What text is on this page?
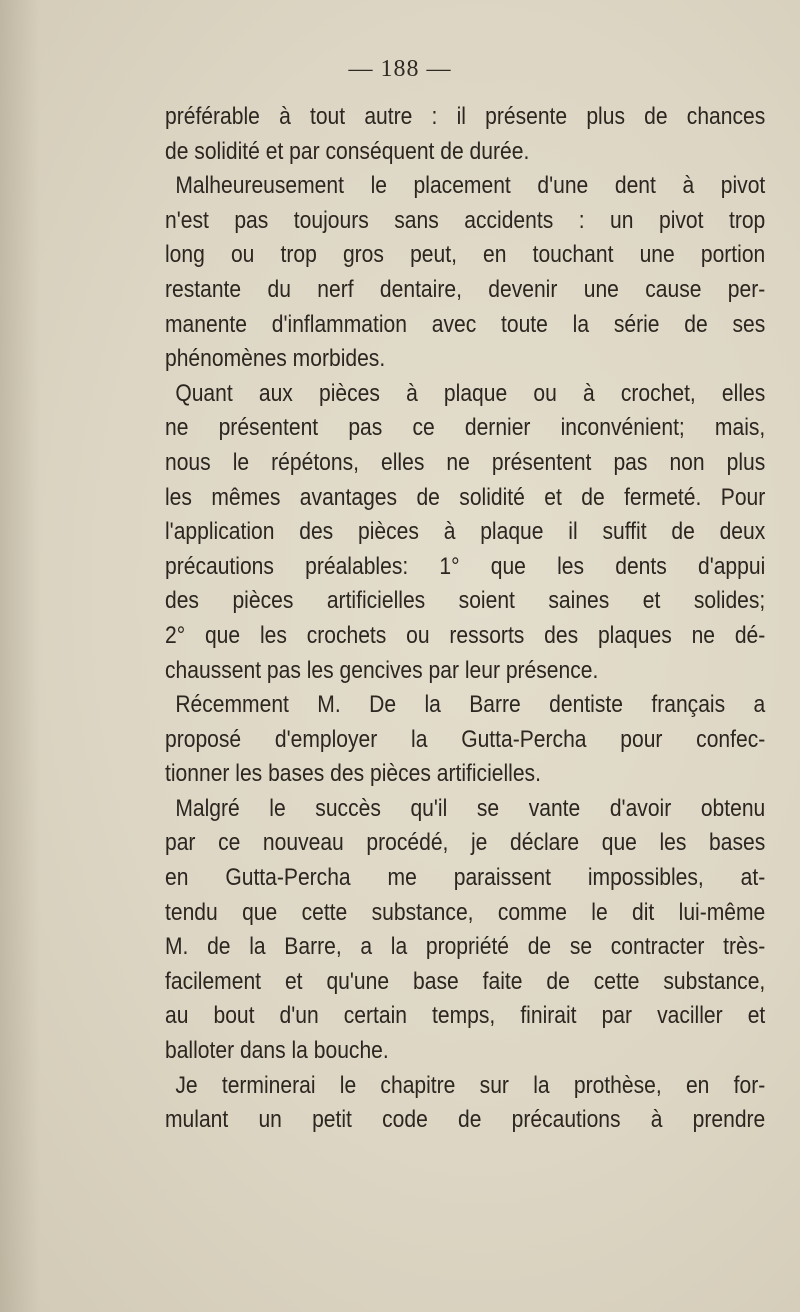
— 188 —
préférable à tout autre : il présente plus de chances
de solidité et par conséquent de durée.
Malheureusement le placement d'une dent à pivot
n'est pas toujours sans accidents : un pivot trop
long ou trop gros peut, en touchant une portion
restante du nerf dentaire, devenir une cause per-
manente d'inflammation avec toute la série de ses
phénomènes morbides.
Quant aux pièces à plaque ou à crochet, elles
ne présentent pas ce dernier inconvénient; mais,
nous le répétons, elles ne présentent pas non plus
les mêmes avantages de solidité et de fermeté. Pour
l'application des pièces à plaque il suffit de deux
précautions préalables: 1° que les dents d'appui
des pièces artificielles soient saines et solides;
2° que les crochets ou ressorts des plaques ne dé-
chaussent pas les gencives par leur présence.
Récemment M. De la Barre dentiste français a
proposé d'employer la Gutta-Percha pour confec-
tionner les bases des pièces artificielles.
Malgré le succès qu'il se vante d'avoir obtenu
par ce nouveau procédé, je déclare que les bases
en Gutta-Percha me paraissent impossibles, at-
tendu que cette substance, comme le dit lui-même
M. de la Barre, a la propriété de se contracter très-
facilement et qu'une base faite de cette substance,
au bout d'un certain temps, finirait par vaciller et
balloter dans la bouche.
Je terminerai le chapitre sur la prothèse, en for-
mulant un petit code de précautions à prendre
